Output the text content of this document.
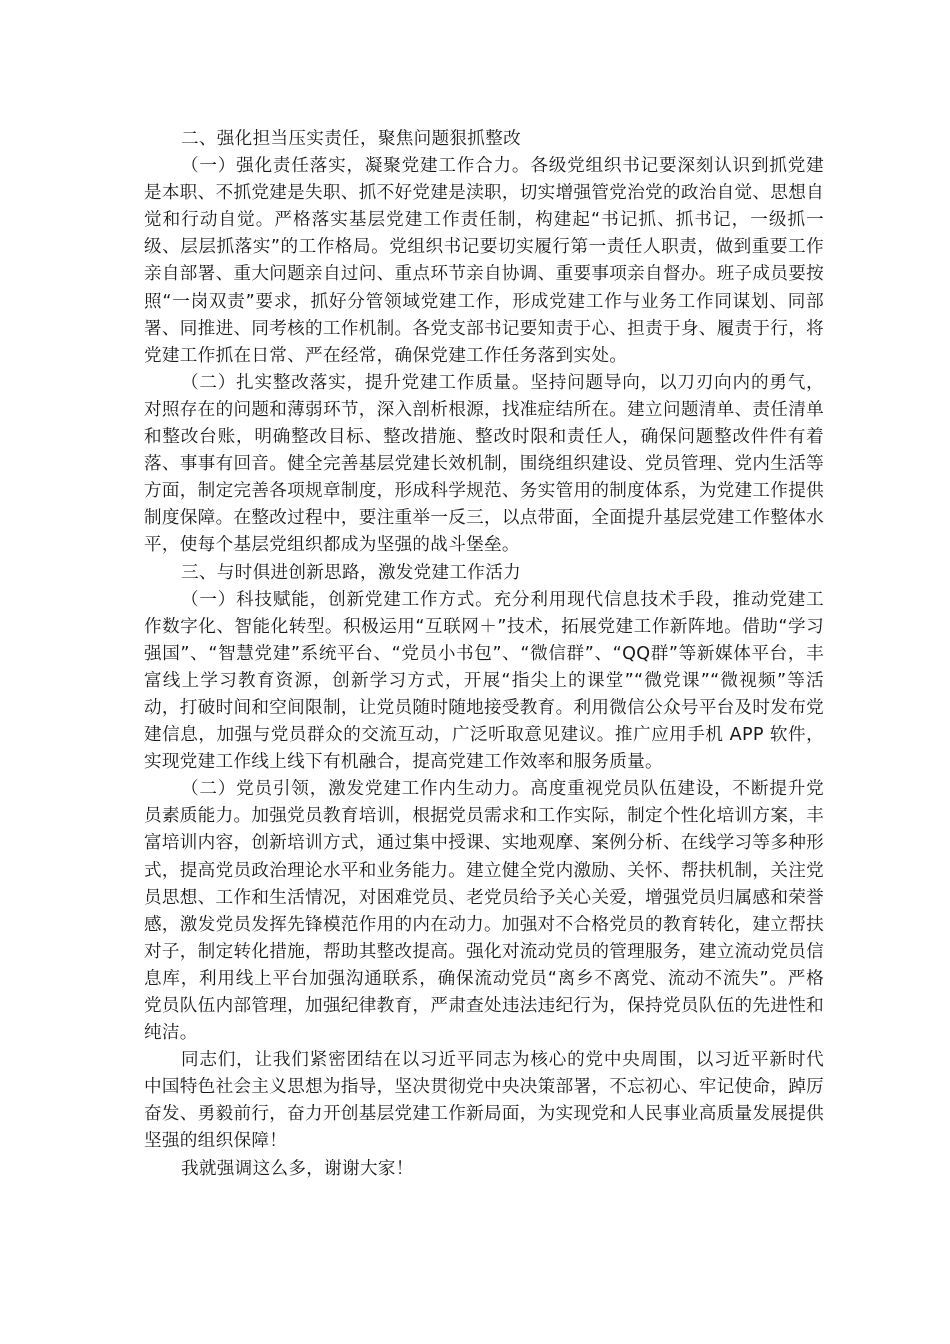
二、强化担当压实责任，聚焦问题狠抓整改

（一）强化责任落实，凝聚党建工作合力。各级党组织书记要深刻认识到抓党建是本职、不抓党建是失职、抓不好党建是渎职，切实增强管党治党的政治自觉、思想自觉和行动自觉。严格落实基层党建工作责任制，构建起“书记抓、抓书记，一级抓一级、层层抓落实”的工作格局。党组织书记要切实履行第一责任人职责，做到重要工作亲自部署、重大问题亲自过问、重点环节亲自协调、重要事项亲自督办。班子成员要按照“一岗双责”要求，抓好分管领域党建工作，形成党建工作与业务工作同谋划、同部署、同推进、同考核的工作机制。各党支部书记要知责于心、担责于身、履责于行，将党建工作抓在日常、严在经常，确保党建工作任务落到实处。

（二）扎实整改落实，提升党建工作质量。坚持问题导向，以刀刃向内的勇气，对照存在的问题和薄弱环节，深入剖析根源，找准症结所在。建立问题清单、责任清单和整改台账，明确整改目标、整改措施、整改时限和责任人，确保问题整改件件有着落、事事有回音。健全完善基层党建长效机制，围绕组织建设、党员管理、党内生活等方面，制定完善各项规章制度，形成科学规范、务实管用的制度体系，为党建工作提供制度保障。在整改过程中，要注重举一反三，以点带面，全面提升基层党建工作整体水平，使每个基层党组织都成为坚强的战斗堡垒。

三、与时俱进创新思路，激发党建工作活力

（一）科技赋能，创新党建工作方式。充分利用现代信息技术手段，推动党建工作数字化、智能化转型。积极运用“互联网＋”技术，拓展党建工作新阵地。借助“学习强国”、“智慧党建”系统平台、“党员小书包”、“微信群”、“QQ群”等新媒体平台，丰富线上学习教育资源，创新学习方式，开展“指尖上的课堂”“微党课”“微视频”等活动，打破时间和空间限制，让党员随时随地接受教育。利用微信公众号平台及时发布党建信息，加强与党员群众的交流互动，广泛听取意见建议。推广应用手机 APP 软件，实现党建工作线上线下有机融合，提高党建工作效率和服务质量。

（二）党员引领，激发党建工作内生动力。高度重视党员队伍建设，不断提升党员素质能力。加强党员教育培训，根据党员需求和工作实际，制定个性化培训方案，丰富培训内容，创新培训方式，通过集中授课、实地观摩、案例分析、在线学习等多种形式，提高党员政治理论水平和业务能力。建立健全党内激励、关怀、帮扶机制，关注党员思想、工作和生活情况，对困难党员、老党员给予关心关爱，增强党员归属感和荣誉感，激发党员发挥先锋模范作用的内在动力。加强对不合格党员的教育转化，建立帮扶对子，制定转化措施，帮助其整改提高。强化对流动党员的管理服务，建立流动党员信息库，利用线上平台加强沟通联系，确保流动党员“离乡不离党、流动不流失”。严格党员队伍内部管理，加强纪律教育，严肃查处违法违纪行为，保持党员队伍的先进性和纯洁。

同志们，让我们紧密团结在以习近平同志为核心的党中央周围，以习近平新时代中国特色社会主义思想为指导，坚决贯彻党中央决策部署，不忘初心、牢记使命，踔厉奋发、勇毅前行，奋力开创基层党建工作新局面，为实现党和人民事业高质量发展提供坚强的组织保障！

我就强调这么多，谢谢大家！
